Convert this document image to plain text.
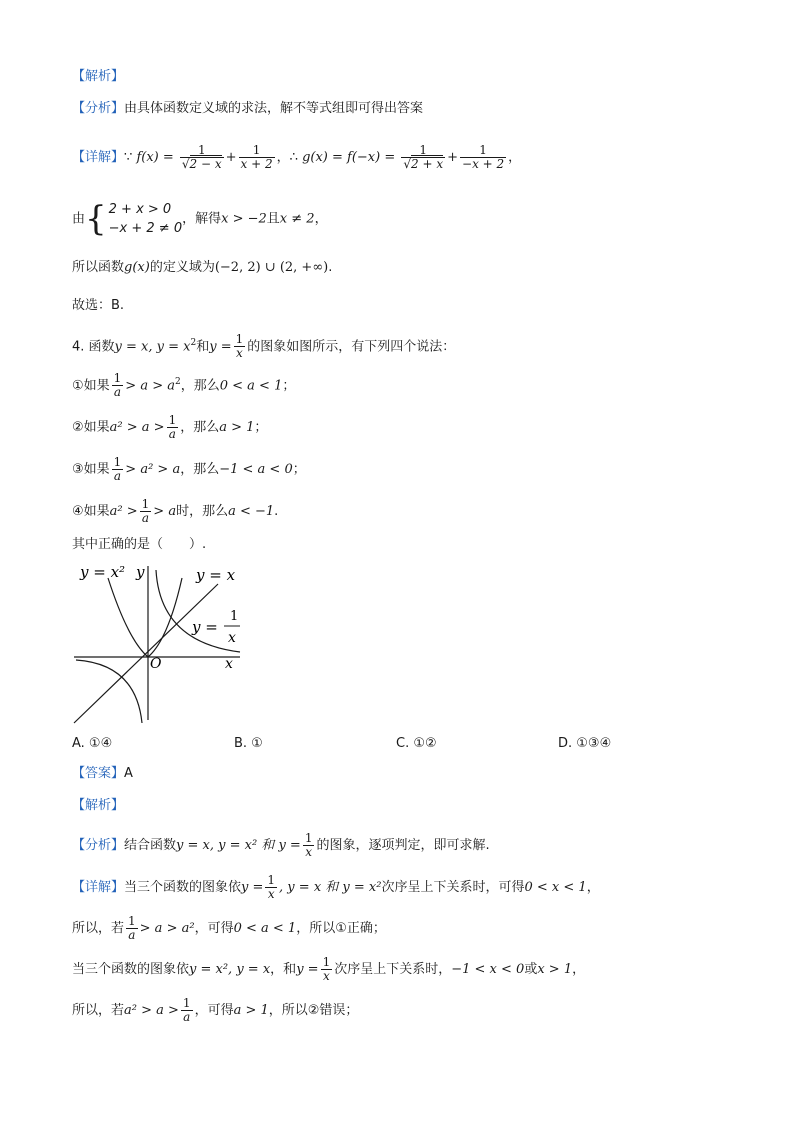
【解析】
【分析】由具体函数定义域的求法，解不等式组即可得出答案
【详解】∵ $f(x) = \frac{1}{√2 - x} + \frac{1}{x + 2}$ ，∴ $g(x) = f(-x) = \frac{1}{√2 + x} + \frac{1}{-x + 2}$ ，
由{ 2 + x > 0
−x + 2 ≠ 0
，解得x > −2且x ≠ 2，
所以函数g(x)的定义域为(−2, 2) ∪ (2, +∞).
故选：B.
4. 函数y = x, $y = x^2$和$y = \frac{1}{x}$ 的图象如图所示，有下列四个说法：
①如果 $\frac{1}{a} > a > a^2$，那么0 < a < 1；
②如果$a^2 > a > \frac{1}{a}$ ，那么a > 1；
③如果 $\frac{1}{a} > a^2 > a$，那么−1 < a < 0；
④如果$a^2 > \frac{1}{a} > a$时，那么a < −1.
其中正确的是（　　）.
y = x² y	y = x
y =
1
x
O	x
A. ①④	B. ①	C. ①②	D. ①③④
【答案】A
【解析】
【分析】结合函数y = x, y = x² 和 $y = \frac{1}{x}$ 的图象，逐项判定，即可求解.
【详解】当三个函数的图象依$y = \frac{1}{x}$ , y = x 和 y = x²次序呈上下关系时，可得0 < x < 1，
所以，若 $\frac{1}{a} > a > a^2$，可得0 < a < 1，所以①正确；
当三个函数的图象依y = x², y = x，和$y = \frac{1}{x}$ 次序呈上下关系时，−1 < x < 0或x > 1，
所以，若$a^2 > a > \frac{1}{a}$ ，可得a > 1，所以②错误；
